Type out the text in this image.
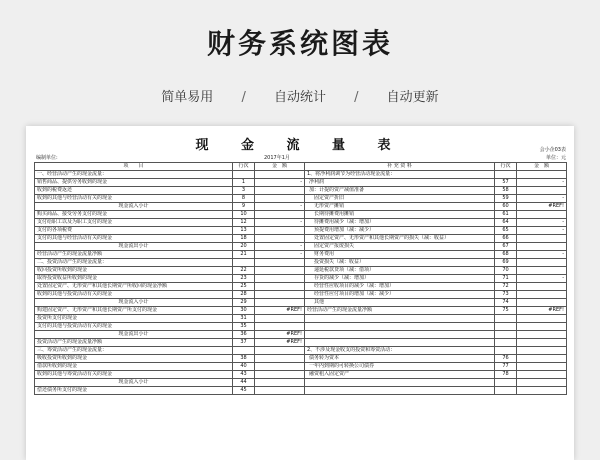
财务系统图表
简单易用 / 自动统计 / 自动更新
现 金 流 量 表	会小企03表
单位：元
编制单位:	2017年1月
项　　目	行次	金　额	补 充 资 料	行次	金　额
一、经营活动产生的现金流量：			1、将净利润调节为经营活动现金流量：		
销售商品、提供劳务收到的现金	1	-	净利润	57	-
收到的税费返还	3		加：计提的资产减值准备	58	
收到的其他与经营活动有关的现金	8		固定资产折旧	59	-
现金流入小计	9	-	无形资产摊销	60	#REF!
购买商品、接受劳务支付的现金	10		长期待摊费用摊销	61	
支付给职工以及为职工支付的现金	12	-	待摊费用减少（减：增加）	64	-
支付的各项税费	13		预提费用增加（减：减少）	65	-
支付的其他与经营活动有关的现金	18		处置固定资产、无形资产和其他长期资产的损失（减：收益）	66	
现金流出小计	20	-	固定资产报废损失	67	
经营活动产生的现金流量净额	21	-	财务费用	68	-
二、投资活动产生的现金流量：			投资损失（减：收益）	69	
收回投资所收到的现金	22		递延税款贷项（减：借项）	70	
取得投资收益所收到的现金	23		存货的减少（减：增加）	71	-
处置固定资产、无形资产和其他长期资产所收回的现金净额	25		经营性应收项目的减少（减：增加）	72	
收到的其他与投资活动有关的现金	28		经营性应付项目的增加（减：减少）	73	
现金流入小计	29		其他	74	
购建固定资产、无形资产和其他长期资产所支付的现金	30	#REF!	经营活动产生的现金流量净额	75	#REF!
投资所支付的现金	31				
支付的其他与投资活动有关的现金	35				
现金流出小计	36	#REF!			
投资活动产生的现金流量净额	37	#REF!			
三、筹资活动产生的现金流量：			2、不涉及现金收支的投资和筹资活动：		
吸收投资所收到的现金	38		债务转为资本	76	
借款所收到的现金	40		一年内到期的可转换公司债券	77	
收到的其他与筹资活动有关的现金	43		融资租入固定资产	78	
现金流入小计	44				
偿还债务所支付的现金	45				
